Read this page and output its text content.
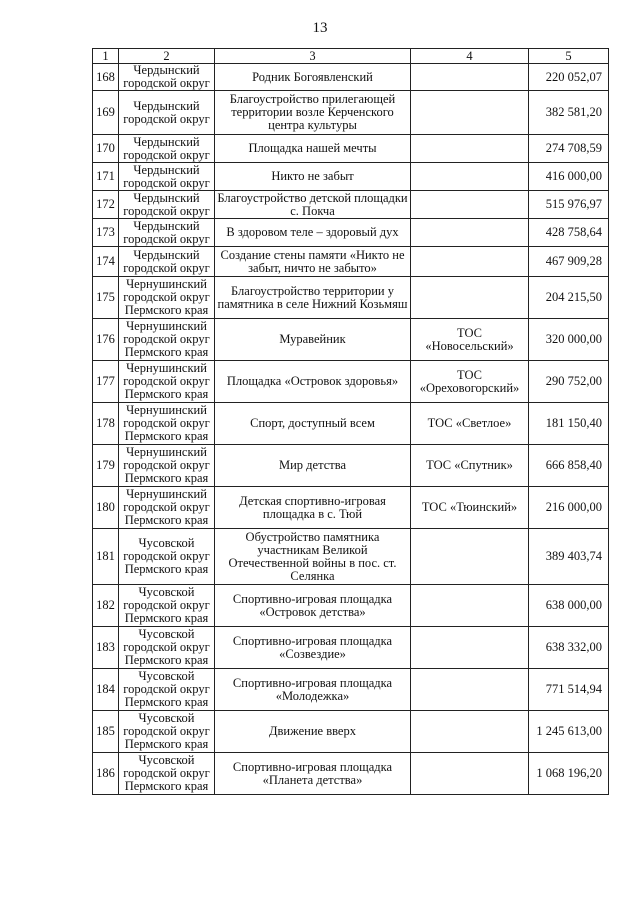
13
1	2	3	4	5
168	Чердынский городской округ	Родник Богоявленский		220 052,07
169	Чердынский городской округ	Благоустройство прилегающей территории возле Керченского центра культуры		382 581,20
170	Чердынский городской округ	Площадка нашей мечты		274 708,59
171	Чердынский городской округ	Никто не забыт		416 000,00
172	Чердынский городской округ	Благоустройство детской площадки с. Покча		515 976,97
173	Чердынский городской округ	В здоровом теле – здоровый дух		428 758,64
174	Чердынский городской округ	Создание стены памяти «Никто не забыт, ничто не забыто»		467 909,28
175	Чернушинский городской округ Пермского края	Благоустройство территории у памятника в селе Нижний Козьмяш		204 215,50
176	Чернушинский городской округ Пермского края	Муравейник	ТОС «Новосельский»	320 000,00
177	Чернушинский городской округ Пермского края	Площадка «Островок здоровья»	ТОС «Ореховогорский»	290 752,00
178	Чернушинский городской округ Пермского края	Спорт, доступный всем	ТОС «Светлое»	181 150,40
179	Чернушинский городской округ Пермского края	Мир детства	ТОС «Спутник»	666 858,40
180	Чернушинский городской округ Пермского края	Детская спортивно-игровая площадка в с. Тюй	ТОС «Тюинский»	216 000,00
181	Чусовской городской округ Пермского края	Обустройство памятника участникам Великой Отечественной войны в пос. ст. Селянка		389 403,74
182	Чусовской городской округ Пермского края	Спортивно-игровая площадка «Островок детства»		638 000,00
183	Чусовской городской округ Пермского края	Спортивно-игровая площадка «Созвездие»		638 332,00
184	Чусовской городской округ Пермского края	Спортивно-игровая площадка «Молодежка»		771 514,94
185	Чусовской городской округ Пермского края	Движение вверх		1 245 613,00
186	Чусовской городской округ Пермского края	Спортивно-игровая площадка «Планета детства»		1 068 196,20
